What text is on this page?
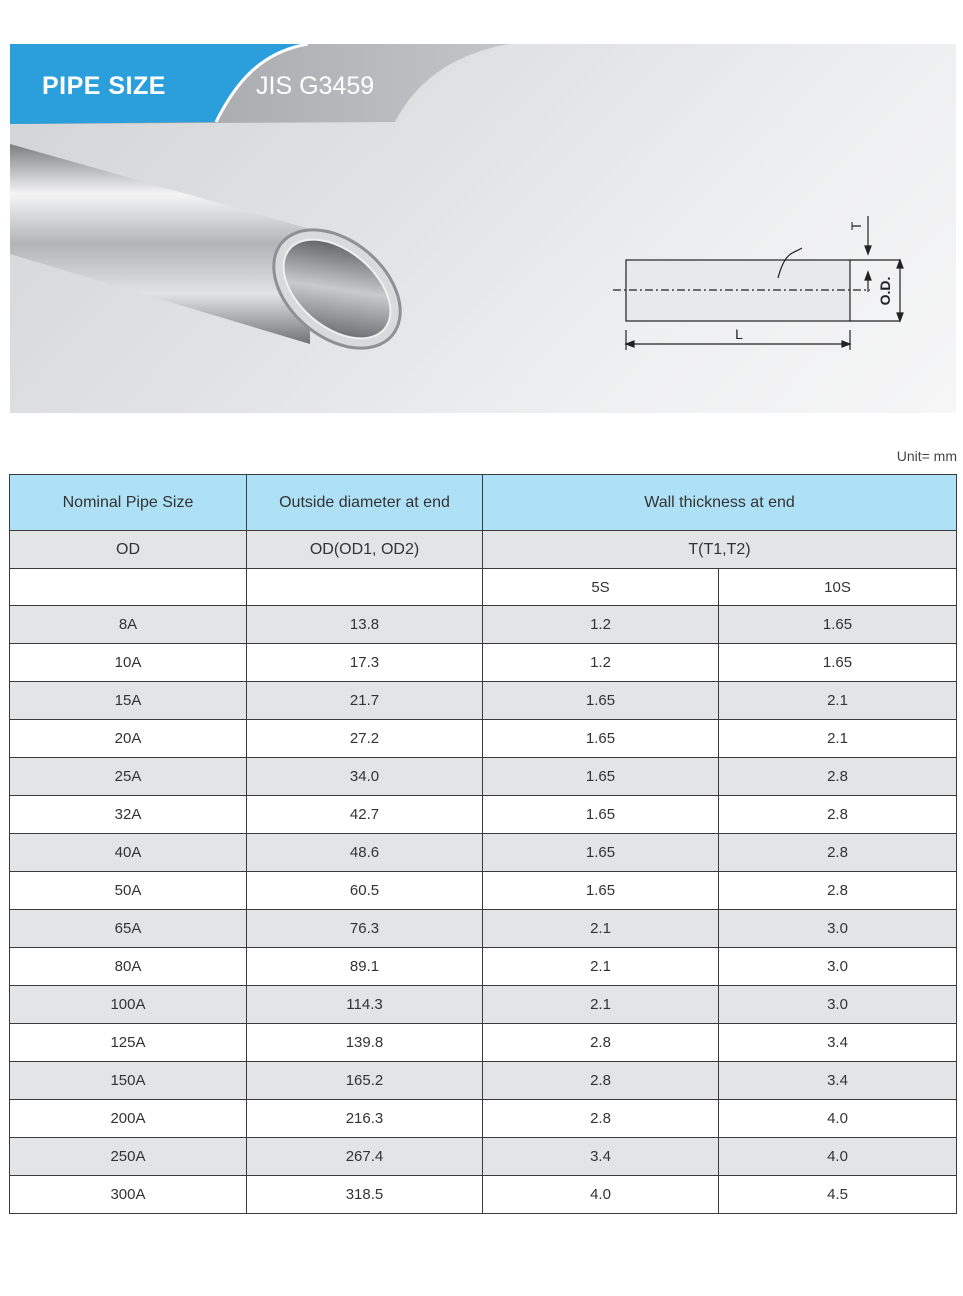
T
O.D.
L
PIPE SIZE	JIS G3459
Unit= mm
Nominal Pipe Size	Outside diameter at end	Wall thickness at end	
OD	OD(OD1, OD2)	T(T1,T2)	
		5S	10S
8A	13.8	1.2	1.65
10A	17.3	1.2	1.65
15A	21.7	1.65	2.1
20A	27.2	1.65	2.1
25A	34.0	1.65	2.8
32A	42.7	1.65	2.8
40A	48.6	1.65	2.8
50A	60.5	1.65	2.8
65A	76.3	2.1	3.0
80A	89.1	2.1	3.0
100A	114.3	2.1	3.0
125A	139.8	2.8	3.4
150A	165.2	2.8	3.4
200A	216.3	2.8	4.0
250A	267.4	3.4	4.0
300A	318.5	4.0	4.5
